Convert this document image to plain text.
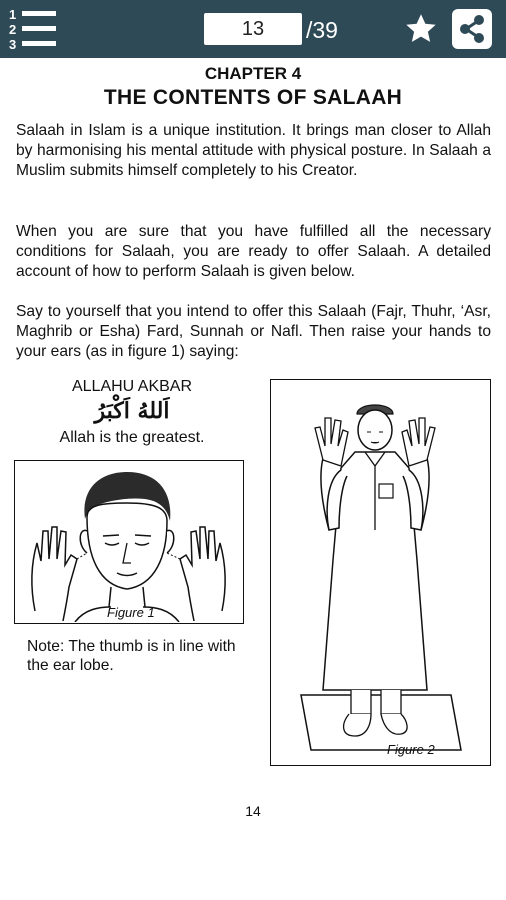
1
2
3
13	/39
CHAPTER 4
THE CONTENTS OF SALAAH
Salaah in Islam is a unique institution. It brings man closer to Allah by harmonising his mental attitude with physical posture. In Salaah a Muslim submits himself completely to his Creator.
When you are sure that you have fulfilled all the necessary conditions for Salaah, you are ready to offer Salaah. A detailed account of how to perform Salaah is given below.
Say to yourself that you intend to offer this Salaah (Fajr, Thuhr, ‘Asr, Maghrib or Esha) Fard, Sunnah or Nafl. Then raise your hands to your ears (as in figure 1) saying:
ALLAHU AKBAR
اَللهُ اَكْبَرُ
Allah is the greatest.
Figure 1
Note: The thumb is in line with the ear lobe.
Figure 2
14
